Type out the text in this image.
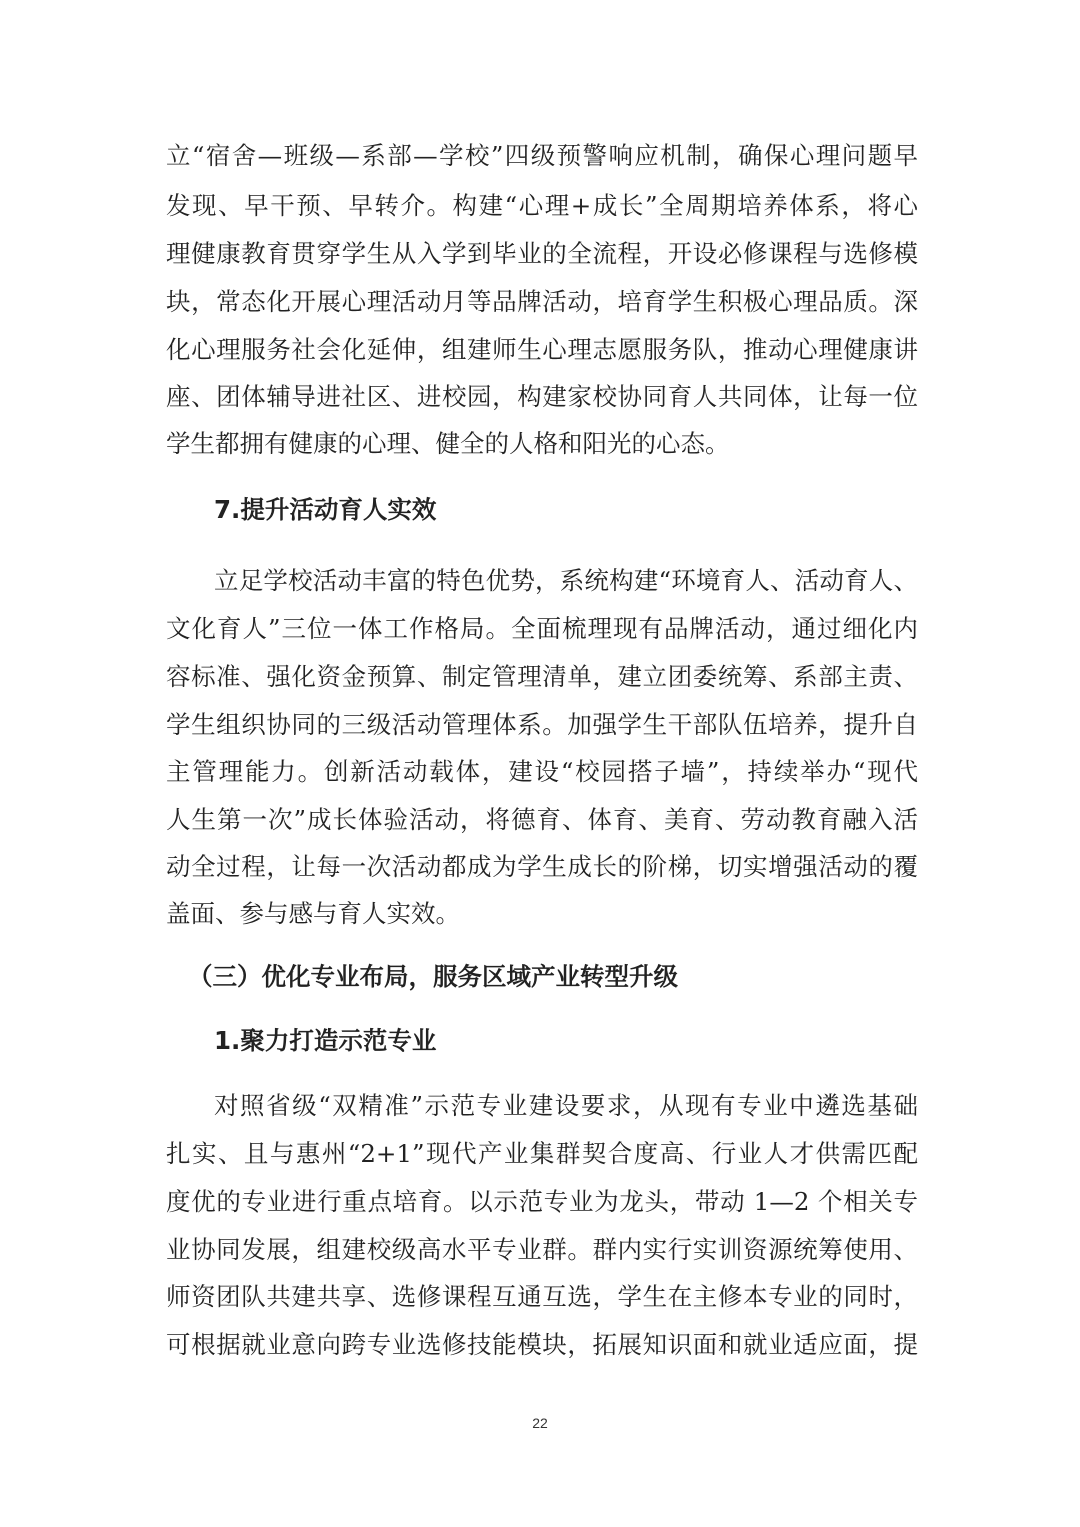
立“宿舍—班级—系部—学校”四级预警响应机制，确保心理问题早
发现、早干预、早转介。构建“心理+成长”全周期培养体系，将心
理健康教育贯穿学生从入学到毕业的全流程，开设必修课程与选修模
块，常态化开展心理活动月等品牌活动，培育学生积极心理品质。深
化心理服务社会化延伸，组建师生心理志愿服务队，推动心理健康讲
座、团体辅导进社区、进校园，构建家校协同育人共同体，让每一位
学生都拥有健康的心理、健全的人格和阳光的心态。
7.提升活动育人实效
立足学校活动丰富的特色优势，系统构建“环境育人、活动育人、
文化育人”三位一体工作格局。全面梳理现有品牌活动，通过细化内
容标准、强化资金预算、制定管理清单，建立团委统筹、系部主责、
学生组织协同的三级活动管理体系。加强学生干部队伍培养，提升自
主管理能力。创新活动载体，建设“校园搭子墙”，持续举办“现代
人生第一次”成长体验活动，将德育、体育、美育、劳动教育融入活
动全过程，让每一次活动都成为学生成长的阶梯，切实增强活动的覆
盖面、参与感与育人实效。
（三）优化专业布局，服务区域产业转型升级
1.聚力打造示范专业
对照省级“双精准”示范专业建设要求，从现有专业中遴选基础
扎实、且与惠州“2+1”现代产业集群契合度高、行业人才供需匹配
度优的专业进行重点培育。以示范专业为龙头，带动 1—2 个相关专
业协同发展，组建校级高水平专业群。群内实行实训资源统筹使用、
师资团队共建共享、选修课程互通互选，学生在主修本专业的同时，
可根据就业意向跨专业选修技能模块，拓展知识面和就业适应面，提
22
